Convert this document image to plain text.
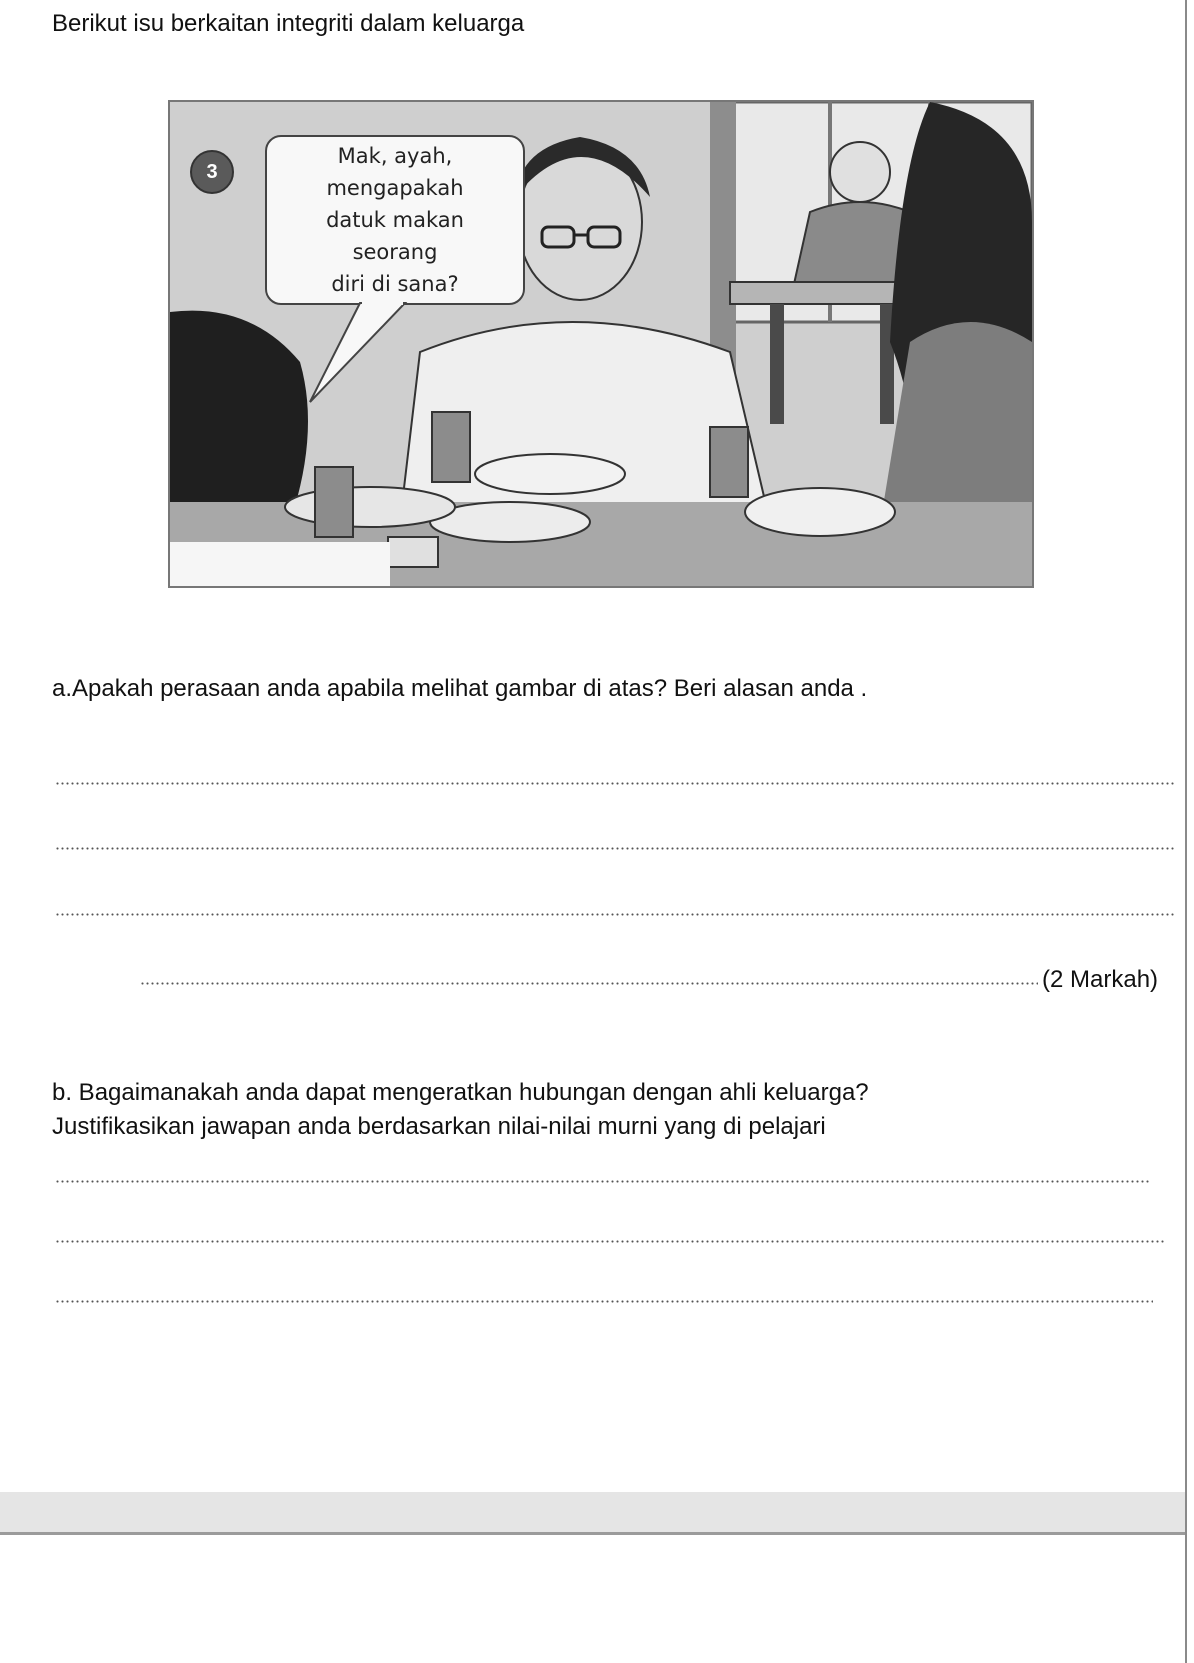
Berikut isu berkaitan integriti dalam keluarga
3
Mak, ayah, mengapakah
datuk makan seorang
diri di sana?
a.Apakah perasaan anda apabila melihat gambar di atas? Beri alasan anda .
(2 Markah)
b. Bagaimanakah anda dapat mengeratkan hubungan dengan ahli keluarga?
Justifikasikan jawapan anda berdasarkan nilai-nilai murni yang di pelajari
